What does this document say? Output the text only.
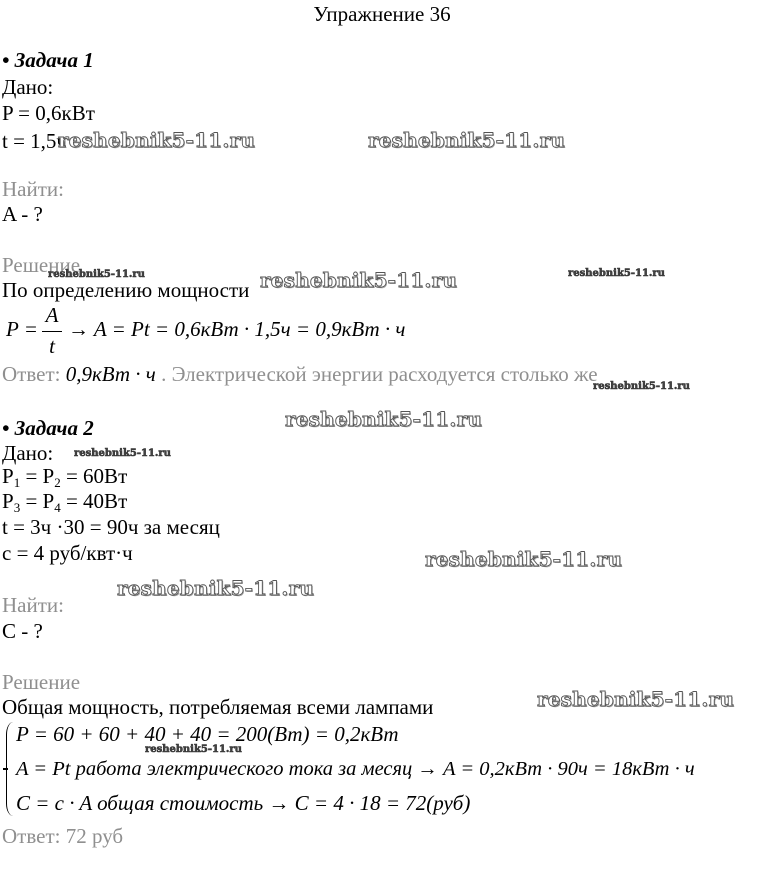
Упражнение 36
• Задача 1
Дано:
P = 0,6кВт
t = 1,5ч
Найти:
A - ?
Решение
По определению мощности
P =
A
t
→ A = Pt = 0,6кВт · 1,5ч = 0,9кВт · ч
Ответ: 0,9кВт · ч . Электрической энергии расходуется столько же
• Задача 2
Дано:
$P_1 = P_2 = 60Вт$
$P_3 = P_4 = 40Вт$
t = 3ч ·30 = 90ч за месяц
с = 4 руб/квт·ч
Найти:
С - ?
Решение
Общая мощность, потребляемая всеми лампами
P = 60 + 60 + 40 + 40 = 200(Вт) = 0,2кВт
A = Pt работа электрического тока за месяц → A = 0,2кВт · 90ч = 18кВт · ч
C = c · A общая стоимость → C = 4 · 18 = 72(руб)
Ответ: 72 руб
reshebnik5-11.ru	reshebnik5-11.ru
reshebnik5-11.ru	reshebnik5-11.ru	reshebnik5-11.ru
reshebnik5-11.ru
reshebnik5-11.ru
reshebnik5-11.ru
reshebnik5-11.ru
reshebnik5-11.ru
reshebnik5-11.ru
reshebnik5-11.ru
